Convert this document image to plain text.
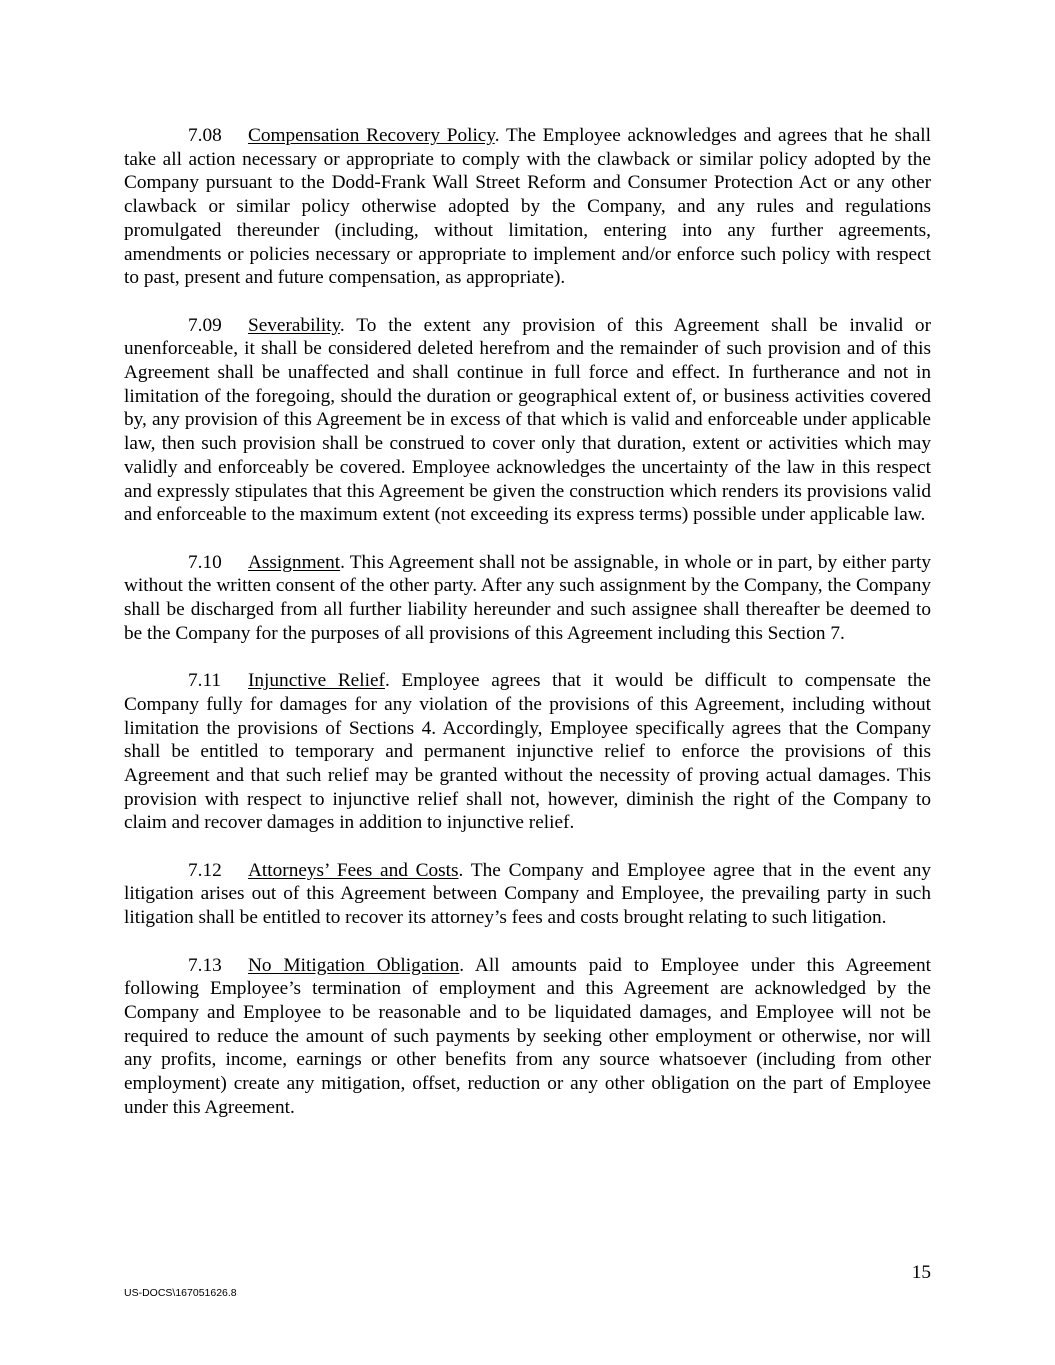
7.08 Compensation Recovery Policy. The Employee acknowledges and agrees that he shall take all action necessary or appropriate to comply with the clawback or similar policy adopted by the Company pursuant to the Dodd-Frank Wall Street Reform and Consumer Protection Act or any other clawback or similar policy otherwise adopted by the Company, and any rules and regulations promulgated thereunder (including, without limitation, entering into any further agreements, amendments or policies necessary or appropriate to implement and/or enforce such policy with respect to past, present and future compensation, as appropriate).

7.09 Severability. To the extent any provision of this Agreement shall be invalid or unenforceable, it shall be considered deleted herefrom and the remainder of such provision and of this Agreement shall be unaffected and shall continue in full force and effect. In furtherance and not in limitation of the foregoing, should the duration or geographical extent of, or business activities covered by, any provision of this Agreement be in excess of that which is valid and enforceable under applicable law, then such provision shall be construed to cover only that duration, extent or activities which may validly and enforceably be covered. Employee acknowledges the uncertainty of the law in this respect and expressly stipulates that this Agreement be given the construction which renders its provisions valid and enforceable to the maximum extent (not exceeding its express terms) possible under applicable law.

7.10 Assignment. This Agreement shall not be assignable, in whole or in part, by either party without the written consent of the other party. After any such assignment by the Company, the Company shall be discharged from all further liability hereunder and such assignee shall thereafter be deemed to be the Company for the purposes of all provisions of this Agreement including this Section 7.

7.11 Injunctive Relief. Employee agrees that it would be difficult to compensate the Company fully for damages for any violation of the provisions of this Agreement, including without limitation the provisions of Sections 4. Accordingly, Employee specifically agrees that the Company shall be entitled to temporary and permanent injunctive relief to enforce the provisions of this Agreement and that such relief may be granted without the necessity of proving actual damages. This provision with respect to injunctive relief shall not, however, diminish the right of the Company to claim and recover damages in addition to injunctive relief.

7.12 Attorneys’ Fees and Costs. The Company and Employee agree that in the event any litigation arises out of this Agreement between Company and Employee, the prevailing party in such litigation shall be entitled to recover its attorney’s fees and costs brought relating to such litigation.

7.13 No Mitigation Obligation. All amounts paid to Employee under this Agreement following Employee’s termination of employment and this Agreement are acknowledged by the Company and Employee to be reasonable and to be liquidated damages, and Employee will not be required to reduce the amount of such payments by seeking other employment or otherwise, nor will any profits, income, earnings or other benefits from any source whatsoever (including from other employment) create any mitigation, offset, reduction or any other obligation on the part of Employee under this Agreement.

15
US-DOCS\167051626.8
